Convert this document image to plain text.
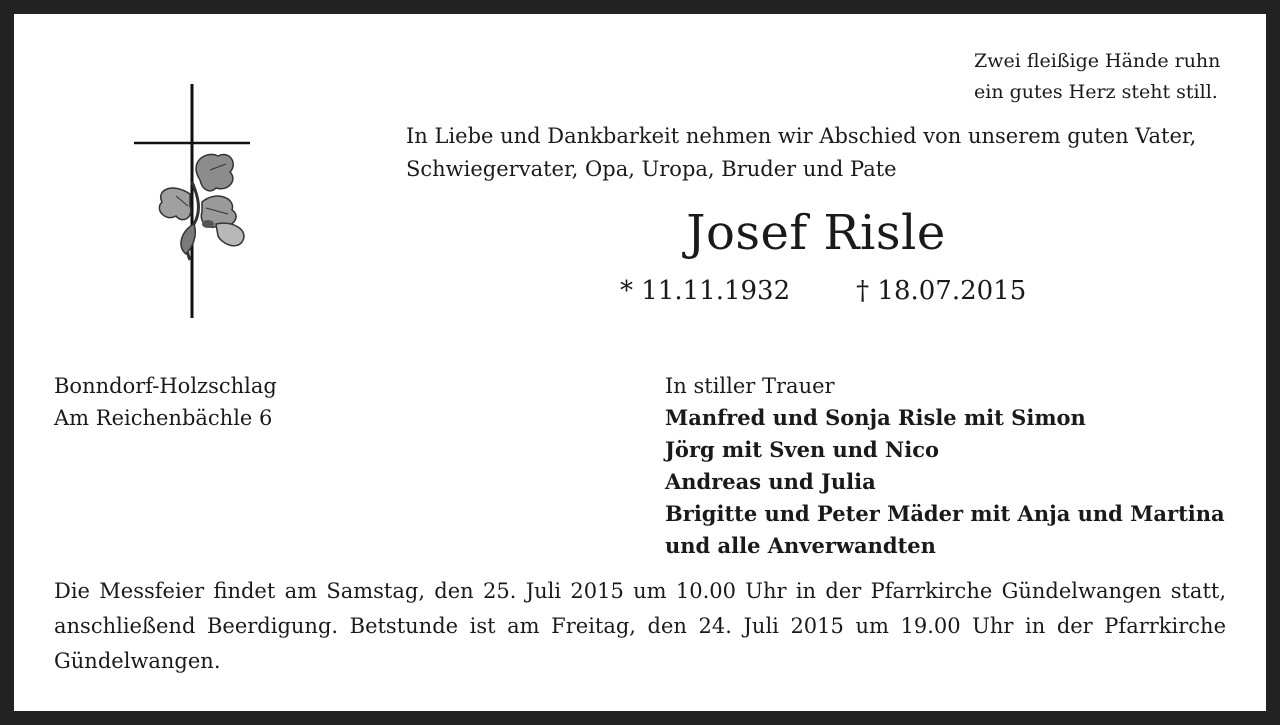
Zwei fleißige Hände ruhn
ein gutes Herz steht still.
In Liebe und Dankbarkeit nehmen wir Abschied von unserem guten Vater,
Schwiegervater, Opa, Uropa, Bruder und Pate
Josef Risle
* 11.11.1932	† 18.07.2015
Bonndorf-Holzschlag
Am Reichenbächle 6
In stiller Trauer
Manfred und Sonja Risle mit Simon
Jörg mit Sven und Nico
Andreas und Julia
Brigitte und Peter Mäder mit Anja und Martina
und alle Anverwandten
Die Messfeier findet am Samstag, den 25. Juli 2015 um 10.00 Uhr in der Pfarrkirche Gündelwangen statt,
anschließend Beerdigung. Betstunde ist am Freitag, den 24. Juli 2015 um 19.00 Uhr in der Pfarrkirche
Gündelwangen.
